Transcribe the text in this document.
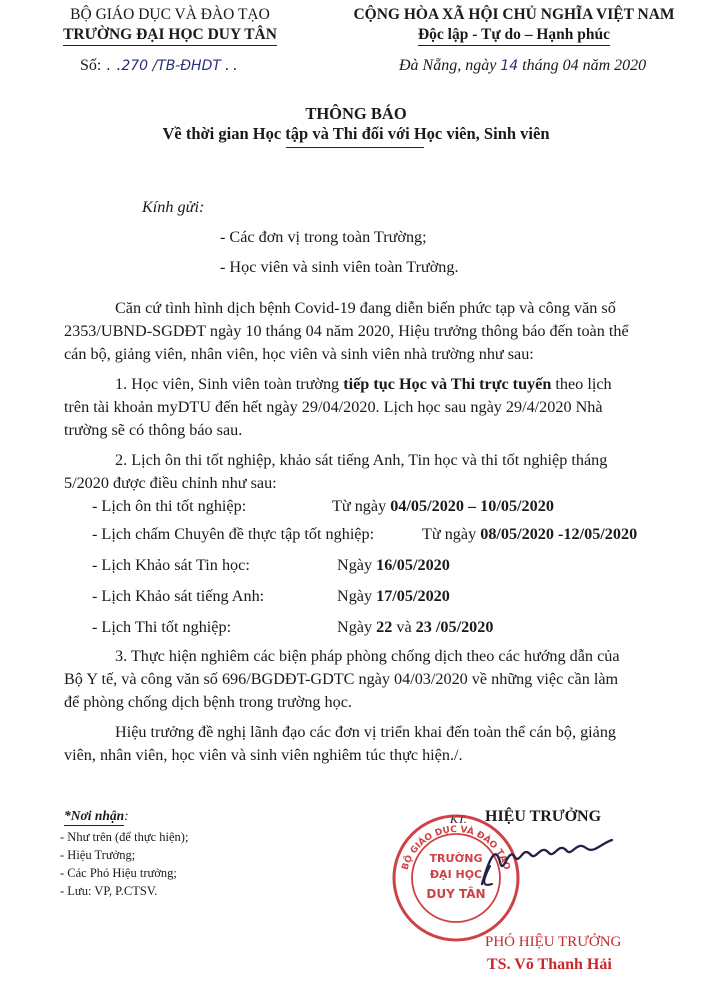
BỘ GIÁO DỤC VÀ ĐÀO TẠO
TRƯỜNG ĐẠI HỌC DUY TÂN
Số: . .270 /TB-ĐHDT . .
CỘNG HÒA XÃ HỘI CHỦ NGHĨA VIỆT NAM
Độc lập - Tự do – Hạnh phúc
Đà Nẵng, ngày 14 tháng 04 năm 2020
THÔNG BÁO
Về thời gian Học tập và Thi đối với Học viên, Sinh viên
Kính gửi:
- Các đơn vị trong toàn Trường;
- Học viên và sinh viên toàn Trường.
Căn cứ tình hình dịch bệnh Covid-19 đang diễn biến phức tạp và công văn số
2353/UBND-SGDĐT ngày 10 tháng 04 năm 2020, Hiệu trưởng thông báo đến toàn thể
cán bộ, giảng viên, nhân viên, học viên và sinh viên nhà trường như sau:
1. Học viên, Sinh viên toàn trường tiếp tục Học và Thi trực tuyến theo lịch
trên tài khoản myDTU đến hết ngày 29/04/2020. Lịch học sau ngày 29/4/2020 Nhà
trường sẽ có thông báo sau.
2. Lịch ôn thi tốt nghiệp, khảo sát tiếng Anh, Tin học và thi tốt nghiệp tháng
5/2020 được điều chỉnh như sau:
- Lịch ôn thi tốt nghiệp:	Từ ngày 04/05/2020 – 10/05/2020
- Lịch chấm Chuyên đề thực tập tốt nghiệp:	Từ ngày 08/05/2020 -12/05/2020
- Lịch Khảo sát Tin học:	Ngày 16/05/2020
- Lịch Khảo sát tiếng Anh:	Ngày 17/05/2020
- Lịch Thi tốt nghiệp:	Ngày 22 và 23 /05/2020
3. Thực hiện nghiêm các biện pháp phòng chống dịch theo các hướng dẫn của
Bộ Y tế, và công văn số 696/BGDĐT-GDTC ngày 04/03/2020 về những việc cần làm
để phòng chống dịch bệnh trong trường học.
Hiệu trưởng đề nghị lãnh đạo các đơn vị triển khai đến toàn thể cán bộ, giảng
viên, nhân viên, học viên và sinh viên nghiêm túc thực hiện./.
*Nơi nhận:
- Như trên (để thực hiện);
- Hiệu Trưởng;
- Các Phó Hiệu trưởng;
- Lưu: VP, P.CTSV.
KT. HIỆU TRƯỞNG
BỘ GIÁO DỤC VÀ ĐÀO TẠO
TRƯỜNG
ĐẠI HỌC
DUY TÂN
PHÓ HIỆU TRƯỞNG
TS. Võ Thanh Hải
